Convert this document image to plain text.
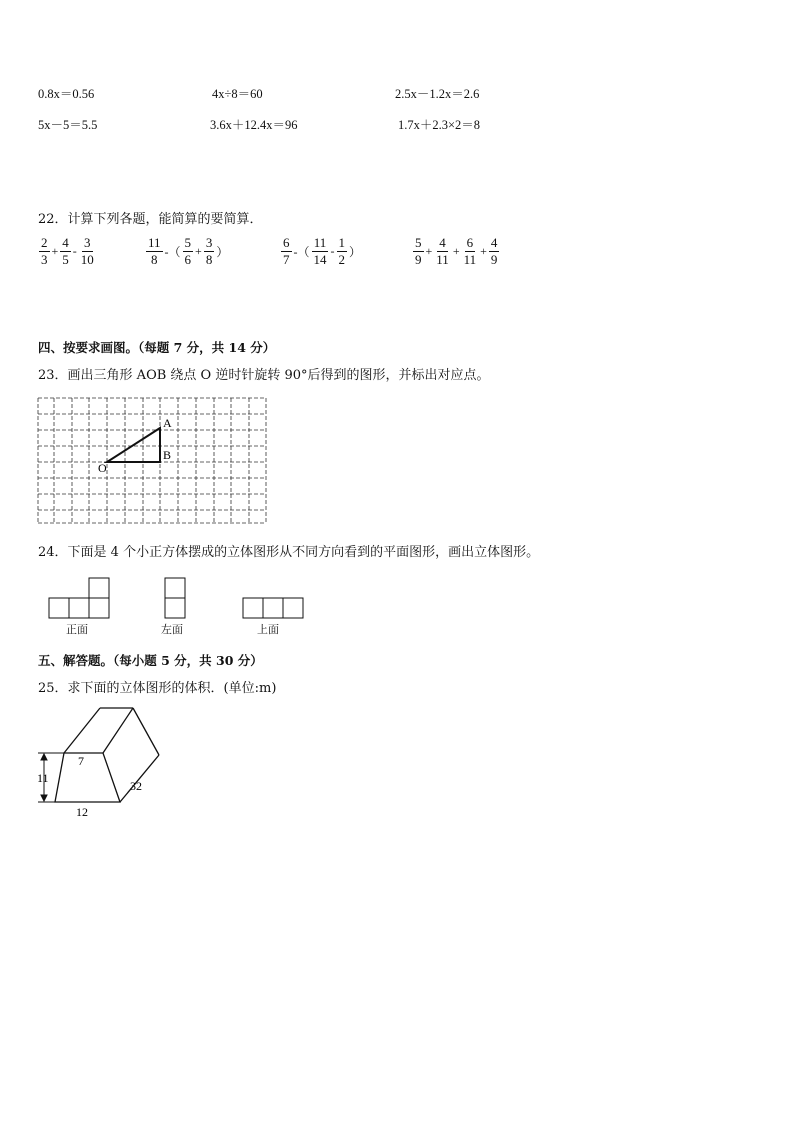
0.8x＝0.56	4x÷8＝60	2.5x－1.2x＝2.6
5x－5＝5.5	3.6x＋12.4x＝96	1.7x＋2.3×2＝8
22．计算下列各题，能简算的要简算．
$\frac{2}{3} + \frac{4}{5} - \frac{3}{10}$	$\frac{11}{8}$ -（ $\frac{5}{6} + \frac{3}{8}$ ）	$\frac{6}{7}$ -（ $\frac{11}{14} - \frac{1}{2}$ ）	$\frac{5}{9} + \frac{4}{11} + \frac{6}{11} + \frac{4}{9}$
四、按要求画图。（每题 7 分，共 14 分）
23．画出三角形 AOB 绕点 O 逆时针旋转 90°后得到的图形，并标出对应点。
A
B
O
24．下面是 4 个小正方体摆成的立体图形从不同方向看到的平面图形，画出立体图形。
正面	左面	上面
五、解答题。（每小题 5 分，共 30 分）
25．求下面的立体图形的体积．(单位:m)
7
11
12
32
